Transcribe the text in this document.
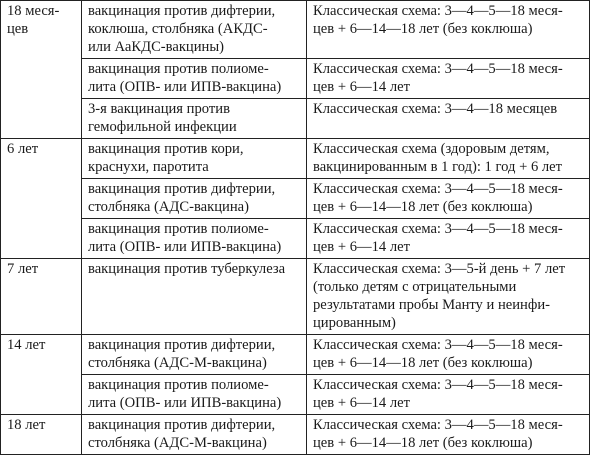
18 меся-
цев	вакцинация против дифтерии,
коклюша, столбняка (АКДС-
или АаКДС-вакцины)	Классическая схема: 3—4—5—18 меся-
цев + 6—14—18 лет (без коклюша)
	вакцинация против полиоме-
лита (ОПВ- или ИПВ-вакцина)	Классическая схема: 3—4—5—18 меся-
цев + 6—14 лет
	3-я вакцинация против
гемофильной инфекции	Классическая схема: 3—4—18 месяцев
6 лет	вакцинация против кори,
краснухи, паротита	Классическая схема (здоровым детям,
вакцинированным в 1 год): 1 год + 6 лет
	вакцинация против дифтерии,
столбняка (АДС-вакцина)	Классическая схема: 3—4—5—18 меся-
цев + 6—14—18 лет (без коклюша)
	вакцинация против полиоме-
лита (ОПВ- или ИПВ-вакцина)	Классическая схема: 3—4—5—18 меся-
цев + 6—14 лет
7 лет	вакцинация против туберкулеза	Классическая схема: 3—5-й день + 7 лет
(только детям с отрицательными
результатами пробы Манту и неинфи-
цированным)
14 лет	вакцинация против дифтерии,
столбняка (АДС-М-вакцина)	Классическая схема: 3—4—5—18 меся-
цев + 6—14—18 лет (без коклюша)
	вакцинация против полиоме-
лита (ОПВ- или ИПВ-вакцина)	Классическая схема: 3—4—5—18 меся-
цев + 6—14 лет
18 лет	вакцинация против дифтерии,
столбняка (АДС-М-вакцина)	Классическая схема: 3—4—5—18 меся-
цев + 6—14—18 лет (без коклюша)
